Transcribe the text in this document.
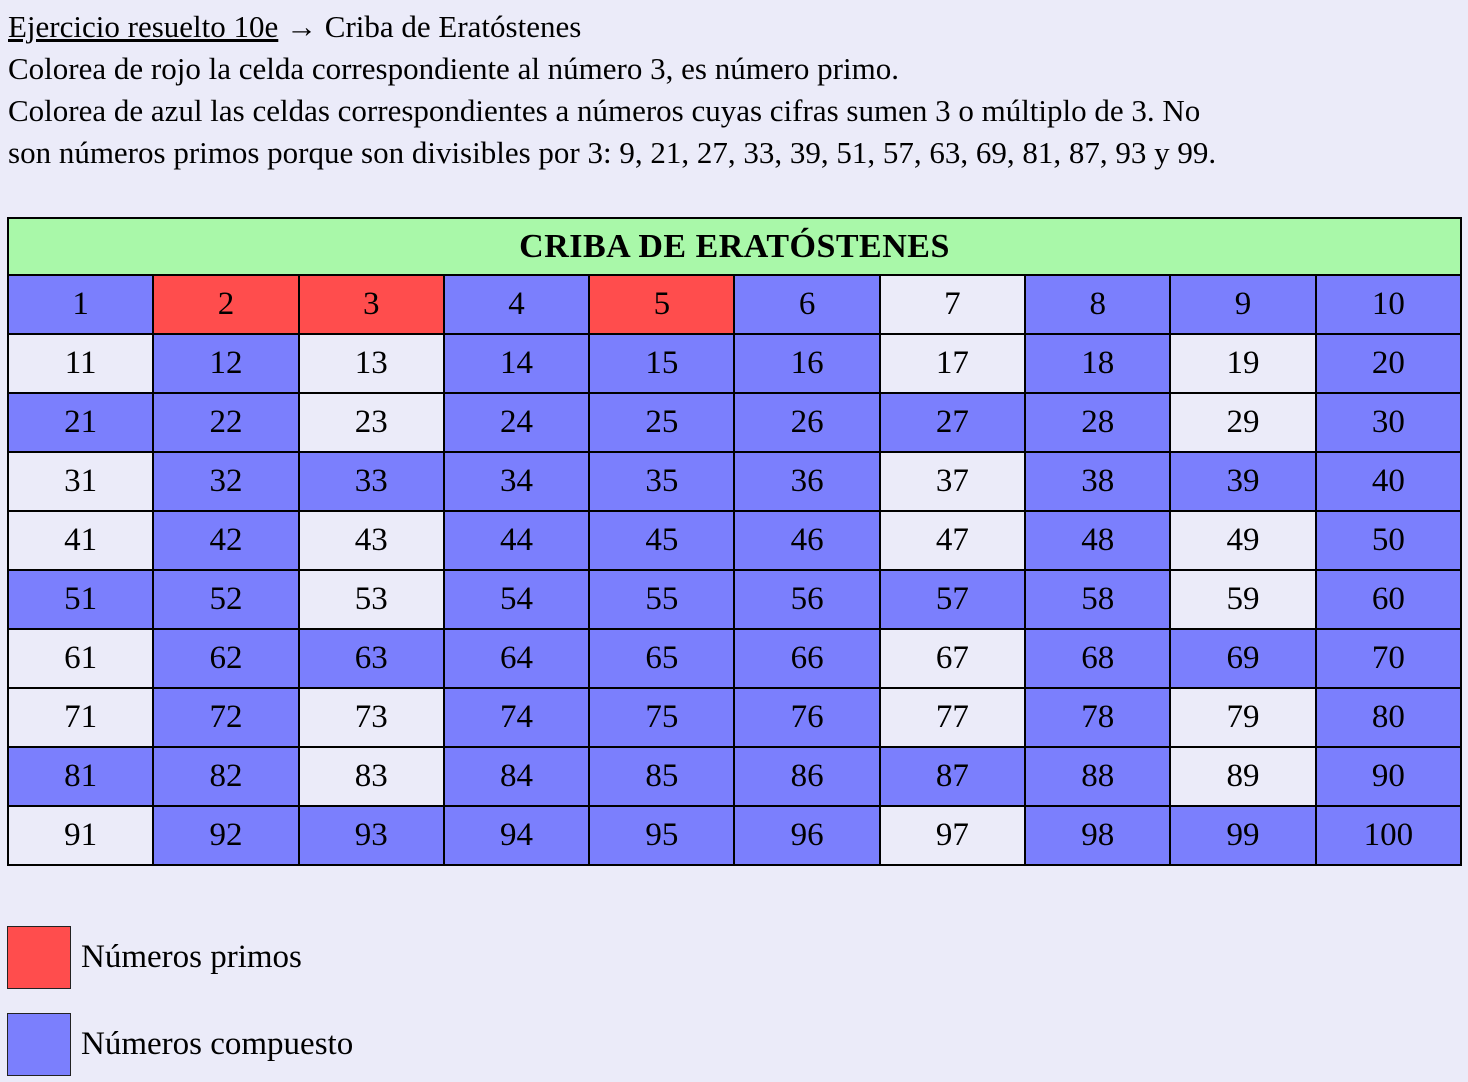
Ejercicio resuelto 10e → Criba de Eratóstenes
Colorea de rojo la celda correspondiente al número 3, es número primo.
Colorea de azul las celdas correspondientes a números cuyas cifras sumen 3 o múltiplo de 3. No
son números primos porque son divisibles por 3: 9, 21, 27, 33, 39, 51, 57, 63, 69, 81, 87, 93 y 99.
CRIBA DE ERATÓSTENES									
1	2	3	4	5	6	7	8	9	10
11	12	13	14	15	16	17	18	19	20
21	22	23	24	25	26	27	28	29	30
31	32	33	34	35	36	37	38	39	40
41	42	43	44	45	46	47	48	49	50
51	52	53	54	55	56	57	58	59	60
61	62	63	64	65	66	67	68	69	70
71	72	73	74	75	76	77	78	79	80
81	82	83	84	85	86	87	88	89	90
91	92	93	94	95	96	97	98	99	100
Números primos
Números compuesto
